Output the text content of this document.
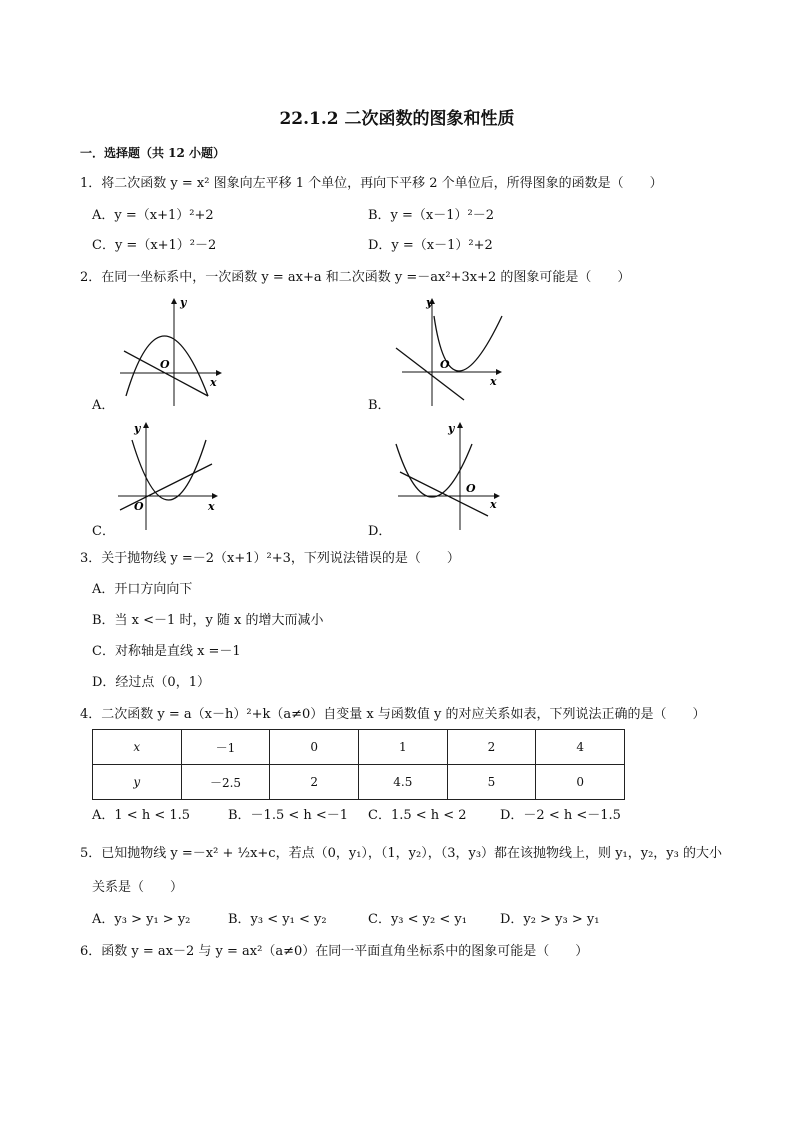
22.1.2 二次函数的图象和性质
一．选择题（共 12 小题）
1．将二次函数 y = x² 图象向左平移 1 个单位，再向下平移 2 个单位后，所得图象的函数是（　　）
A．y =（x+1）²+2	B．y =（x－1）²－2
C．y =（x+1）²－2	D．y =（x－1）²+2
2．在同一坐标系中，一次函数 y = ax+a 和二次函数 y =－ax²+3x+2 的图象可能是（　　）
O
x
y
A．
O
x
y
B．
O	x
y
C．
O
x
y
D．
3．关于抛物线 y =－2（x+1）²+3，下列说法错误的是（　　）
A．开口方向向下
B．当 x <－1 时，y 随 x 的增大而减小
C．对称轴是直线 x =－1
D．经过点（0，1）
4．二次函数 y = a（x－h）²+k（a≠0）自变量 x 与函数值 y 的对应关系如表，下列说法正确的是（　　）
x	－1	0	1	2	4
y	－2.5	2	4.5	5	0
A．1 < h < 1.5	B．－1.5 < h <－1 C．1.5 < h < 2	D．－2 < h <－1.5
5．已知抛物线 y =－x² + ½x+c，若点（0，y₁），（1，y₂），（3，y₃）都在该抛物线上，则 y₁，y₂，y₃ 的大小
关系是（　　）
A．y₃ > y₁ > y₂	B．y₃ < y₁ < y₂	C．y₃ < y₂ < y₁	D．y₂ > y₃ > y₁
6．函数 y = ax－2 与 y = ax²（a≠0）在同一平面直角坐标系中的图象可能是（　　）
